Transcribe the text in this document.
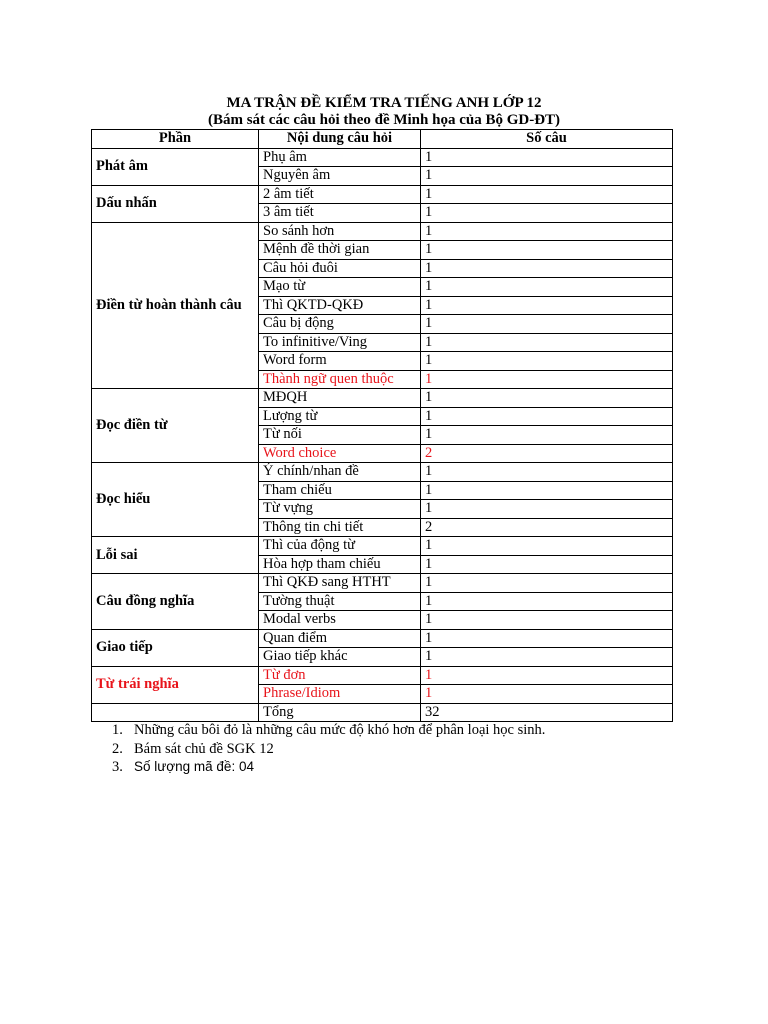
MA TRẬN ĐỀ KIỂM TRA TIẾNG ANH LỚP 12
(Bám sát các câu hỏi theo đề Minh họa của Bộ GD-ĐT)
Phần	Nội dung câu hỏi	Số câu
Phát âm	Phụ âm	1
	Nguyên âm	1
Dấu nhấn	2 âm tiết	1
	3 âm tiết	1
Điền từ hoàn thành câu	So sánh hơn	1
	Mệnh đề thời gian	1
	Câu hỏi đuôi	1
	Mạo từ	1
	Thì QKTD-QKĐ	1
	Câu bị động	1
	To infinitive/Ving	1
	Word form	1
	Thành ngữ quen thuộc	1
Đọc điền từ	MĐQH	1
	Lượng từ	1
	Từ nối	1
	Word choice	2
Đọc hiểu	Ý chính/nhan đề	1
	Tham chiếu	1
	Từ vựng	1
	Thông tin chi tiết	2
Lỗi sai	Thì của động từ	1
	Hòa hợp tham chiếu	1
Câu đồng nghĩa	Thì QKĐ sang HTHT	1
	Tường thuật	1
	Modal verbs	1
Giao tiếp	Quan điểm	1
	Giao tiếp khác	1
Từ trái nghĩa	Từ đơn	1
	Phrase/Idiom	1
	Tổng	32
1. Những câu bôi đỏ là những câu mức độ khó hơn để phân loại học sinh.
2. Bám sát chủ đề SGK 12
3. Số lượng mã đề: 04
